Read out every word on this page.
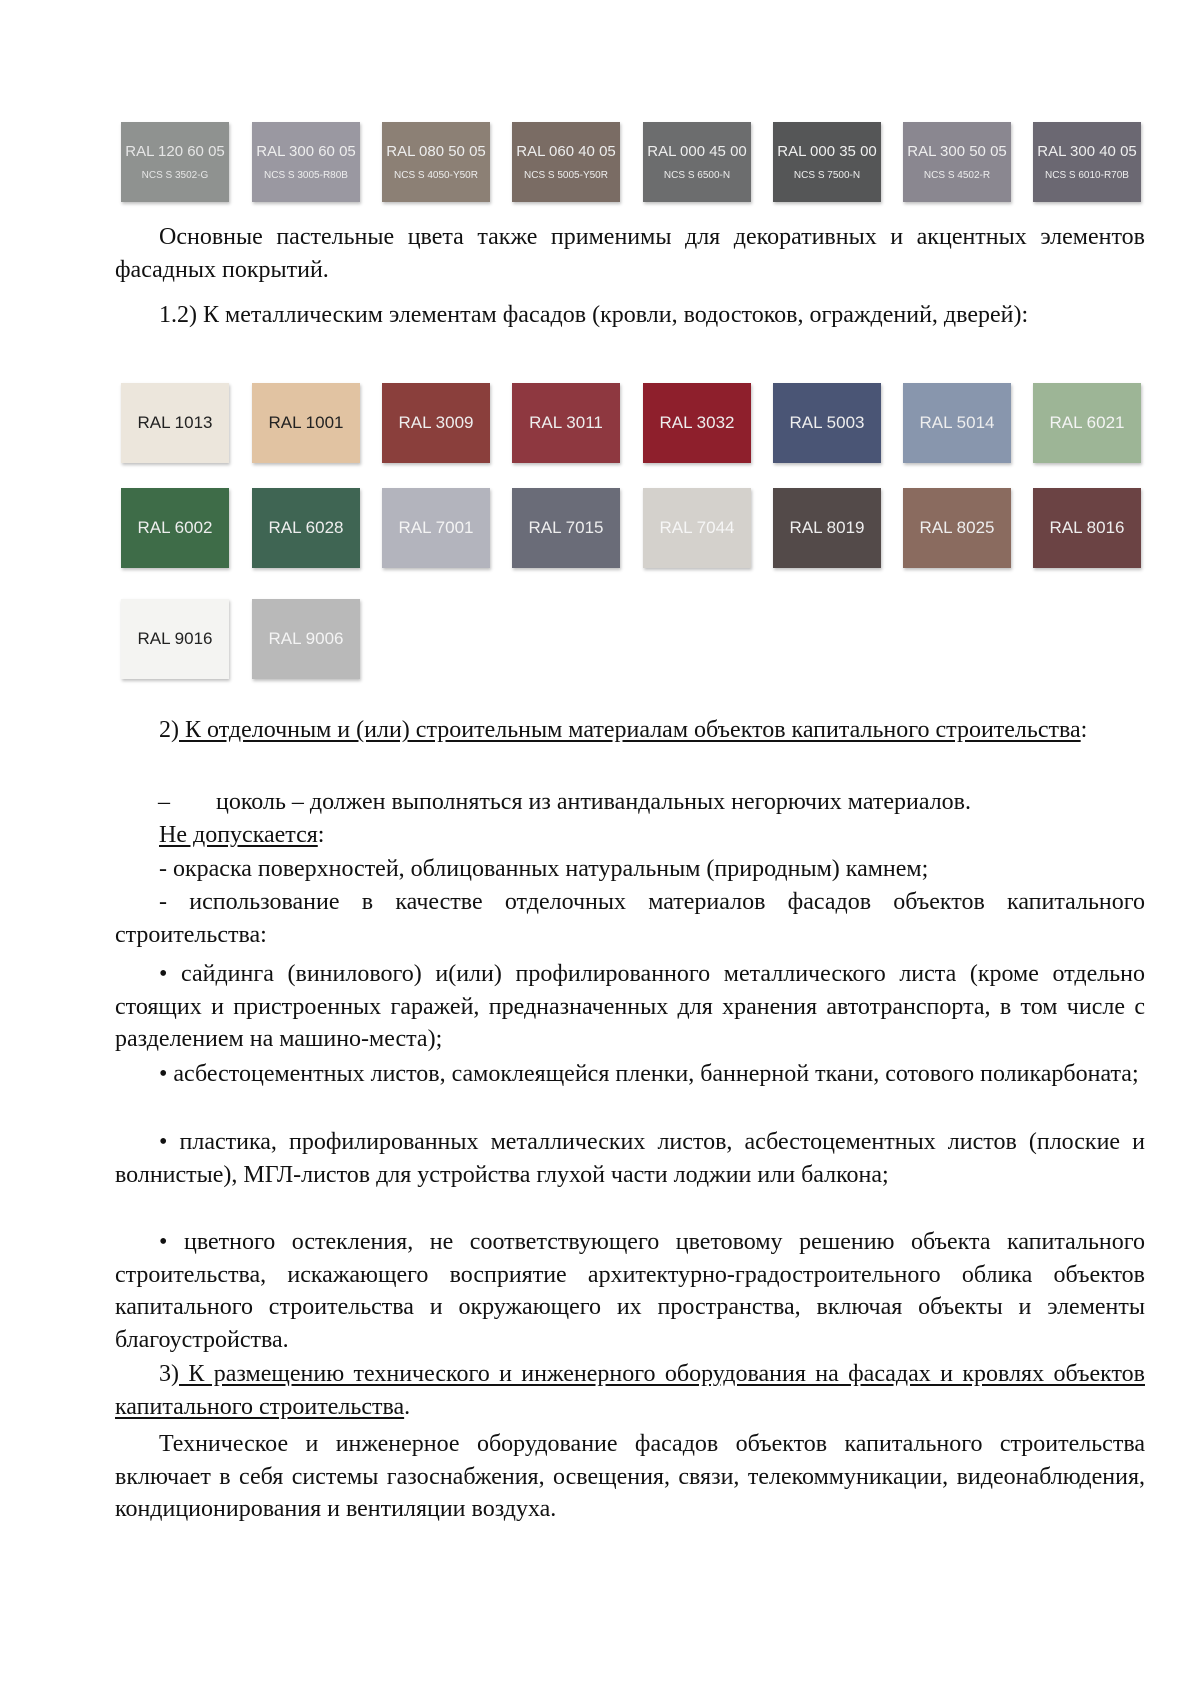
RAL 120 60 05
NCS S 3502-G
RAL 300 60 05
NCS S 3005-R80B
RAL 080 50 05
NCS S 4050-Y50R
RAL 060 40 05
NCS S 5005-Y50R
RAL 000 45 00
NCS S 6500-N
RAL 000 35 00
NCS S 7500-N
RAL 300 50 05
NCS S 4502-R
RAL 300 40 05
NCS S 6010-R70B
Основные пастельные цвета также применимы для декоративных и акцентных элементов фасадных покрытий.
1.2) К металлическим элементам фасадов (кровли, водостоков, ограждений, дверей):
RAL 1013	RAL 1001	RAL 3009	RAL 3011	RAL 3032	RAL 5003	RAL 5014	RAL 6021
RAL 6002	RAL 6028	RAL 7001	RAL 7015	RAL 7044	RAL 8019	RAL 8025	RAL 8016
RAL 9016	RAL 9006
2) К отделочным и (или) строительным материалам объектов капитального строительства:
– цоколь – должен выполняться из антивандальных негорючих материалов.
Не допускается:
- окраска поверхностей, облицованных натуральным (природным) камнем;
- использование в качестве отделочных материалов фасадов объектов капитального строительства:
• сайдинга (винилового) и(или) профилированного металлического листа (кроме отдельно стоящих и пристроенных гаражей, предназначенных для хранения автотранспорта, в том числе с разделением на машино-места);
• асбестоцементных листов, самоклеящейся пленки, баннерной ткани, сотового поликарбоната;
• пластика, профилированных металлических листов, асбестоцементных листов (плоские и волнистые), МГЛ-листов для устройства глухой части лоджии или балкона;
• цветного остекления, не соответствующего цветовому решению объекта капитального строительства, искажающего восприятие архитектурно-градостроительного облика объектов капитального строительства и окружающего их пространства, включая объекты и элементы благоустройства.
3) К размещению технического и инженерного оборудования на фасадах и кровлях объектов капитального строительства.
Техническое и инженерное оборудование фасадов объектов капитального строительства включает в себя системы газоснабжения, освещения, связи, телекоммуникации, видеонаблюдения, кондиционирования и вентиляции воздуха.
